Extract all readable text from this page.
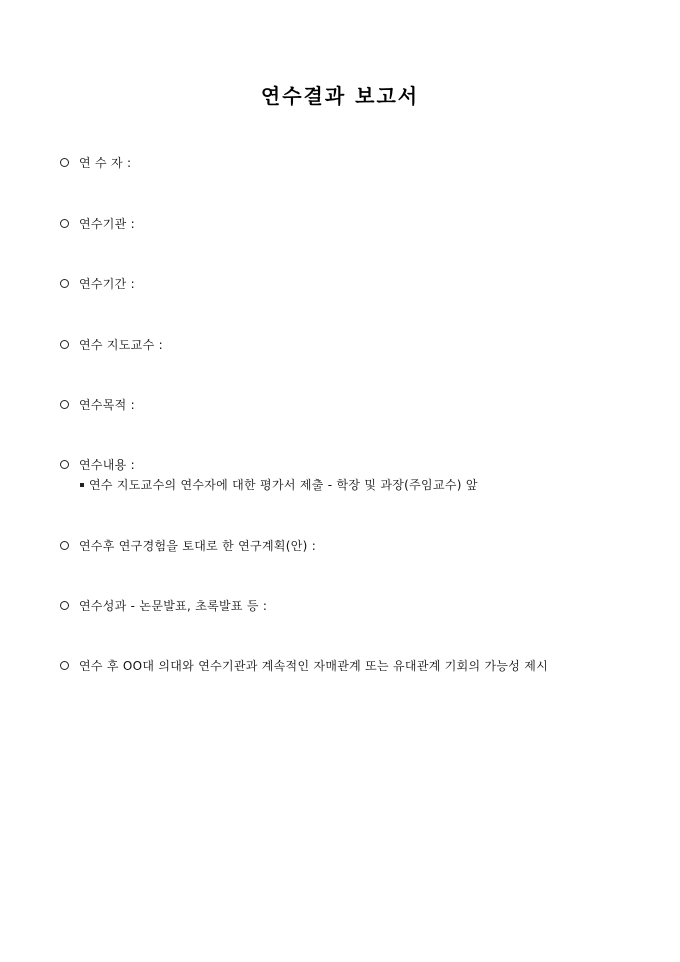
연수결과 보고서
연 수 자 :
연수기관 :
연수기간 :
연수 지도교수 :
연수목적 :
연수내용 :
연수 지도교수의 연수자에 대한 평가서 제출 - 학장 및 과장(주임교수) 앞
연수후 연구경험을 토대로 한 연구계획(안) :
연수성과 - 논문발표, 초록발표 등 :
연수 후 OO대 의대와 연수기관과 계속적인 자매관계 또는 유대관계 기회의 가능성 제시
